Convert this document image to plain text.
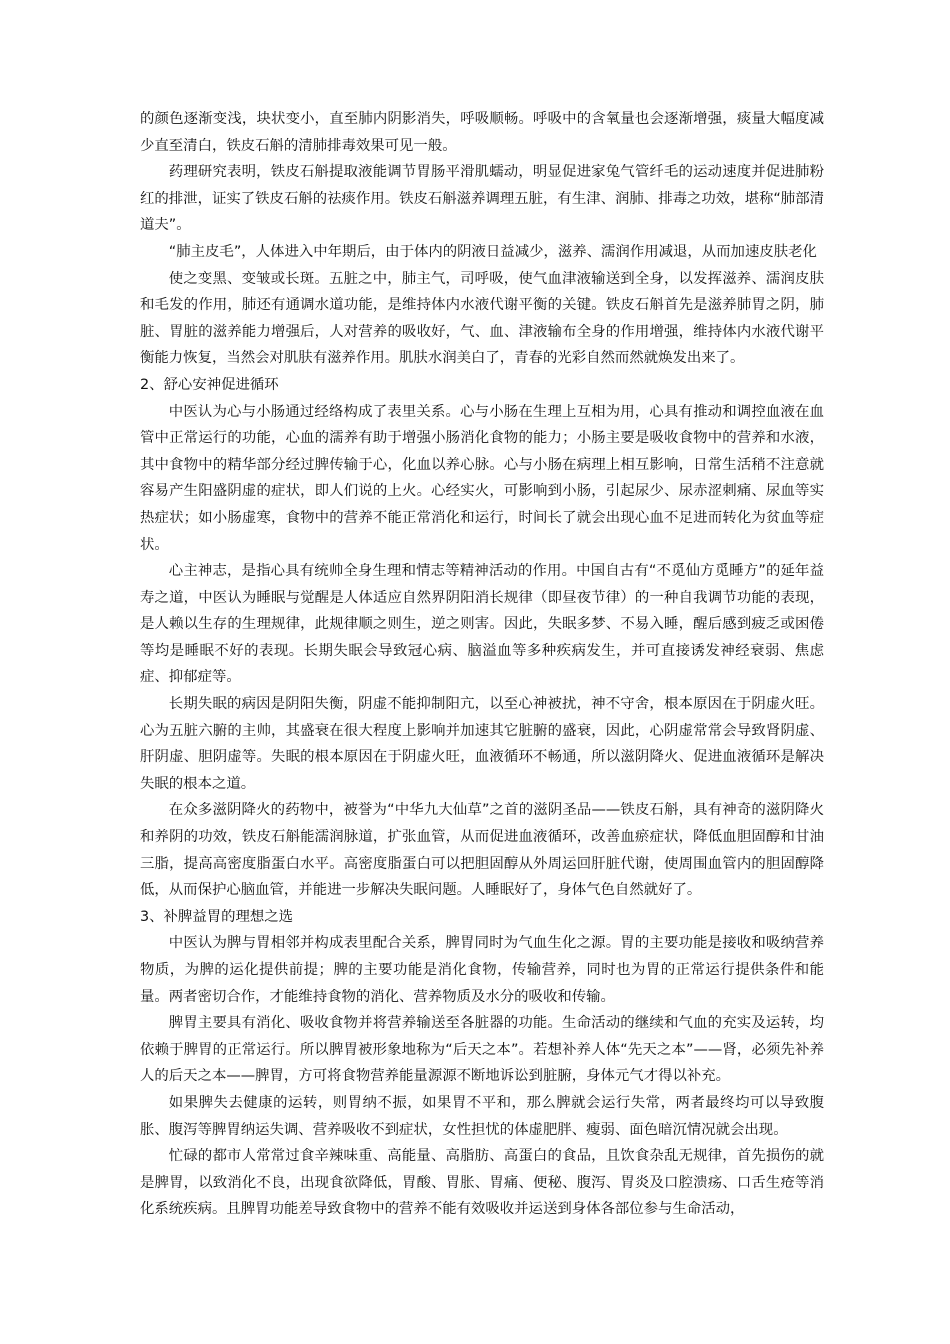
的颜色逐渐变浅，块状变小，直至肺内阴影消失，呼吸顺畅。呼吸中的含氧量也会逐渐增强，痰量大幅度减少直至清白，铁皮石斛的清肺排毒效果可见一般。

药理研究表明，铁皮石斛提取液能调节胃肠平滑肌蠕动，明显促进家兔气管纤毛的运动速度并促进肺粉红的排泄，证实了铁皮石斛的祛痰作用。铁皮石斛滋养调理五脏，有生津、润肺、排毒之功效，堪称“肺部清道夫”。

“肺主皮毛”，人体进入中年期后，由于体内的阴液日益减少，滋养、濡润作用减退，从而加速皮肤老化

使之变黑、变皱或长斑。五脏之中，肺主气，司呼吸，使气血津液输送到全身，以发挥滋养、濡润皮肤和毛发的作用，肺还有通调水道功能，是维持体内水液代谢平衡的关键。铁皮石斛首先是滋养肺胃之阴，肺脏、胃脏的滋养能力增强后，人对营养的吸收好，气、血、津液输布全身的作用增强，维持体内水液代谢平衡能力恢复，当然会对肌肤有滋养作用。肌肤水润美白了，青春的光彩自然而然就焕发出来了。

2、舒心安神促进循环

中医认为心与小肠通过经络构成了表里关系。心与小肠在生理上互相为用，心具有推动和调控血液在血管中正常运行的功能，心血的濡养有助于增强小肠消化食物的能力；小肠主要是吸收食物中的营养和水液，其中食物中的精华部分经过脾传输于心，化血以养心脉。心与小肠在病理上相互影响，日常生活稍不注意就容易产生阳盛阴虚的症状，即人们说的上火。心经实火，可影响到小肠，引起尿少、尿赤涩刺痛、尿血等实热症状；如小肠虚寒，食物中的营养不能正常消化和运行，时间长了就会出现心血不足进而转化为贫血等症状。

心主神志，是指心具有统帅全身生理和情志等精神活动的作用。中国自古有“不觅仙方觅睡方”的延年益寿之道，中医认为睡眠与觉醒是人体适应自然界阴阳消长规律（即昼夜节律）的一种自我调节功能的表现，是人赖以生存的生理规律，此规律顺之则生，逆之则害。因此，失眠多梦、不易入睡，醒后感到疲乏或困倦等均是睡眠不好的表现。长期失眠会导致冠心病、脑溢血等多种疾病发生，并可直接诱发神经衰弱、焦虑症、抑郁症等。

长期失眠的病因是阴阳失衡，阴虚不能抑制阳亢，以至心神被扰，神不守舍，根本原因在于阴虚火旺。心为五脏六腑的主帅，其盛衰在很大程度上影响并加速其它脏腑的盛衰，因此，心阴虚常常会导致肾阴虚、肝阴虚、胆阴虚等。失眠的根本原因在于阴虚火旺，血液循环不畅通，所以滋阴降火、促进血液循环是解决失眠的根本之道。

在众多滋阴降火的药物中，被誉为“中华九大仙草”之首的滋阴圣品——铁皮石斛，具有神奇的滋阴降火和养阴的功效，铁皮石斛能濡润脉道，扩张血管，从而促进血液循环，改善血瘀症状，降低血胆固醇和甘油三脂，提高高密度脂蛋白水平。高密度脂蛋白可以把胆固醇从外周运回肝脏代谢，使周围血管内的胆固醇降低，从而保护心脑血管，并能进一步解决失眠问题。人睡眠好了，身体气色自然就好了。

3、补脾益胃的理想之选

中医认为脾与胃相邻并构成表里配合关系，脾胃同时为气血生化之源。胃的主要功能是接收和吸纳营养物质，为脾的运化提供前提；脾的主要功能是消化食物，传输营养，同时也为胃的正常运行提供条件和能量。两者密切合作，才能维持食物的消化、营养物质及水分的吸收和传输。

脾胃主要具有消化、吸收食物并将营养输送至各脏器的功能。生命活动的继续和气血的充实及运转，均依赖于脾胃的正常运行。所以脾胃被形象地称为“后天之本”。若想补养人体“先天之本”——肾，必须先补养人的后天之本——脾胃，方可将食物营养能量源源不断地诉讼到脏腑，身体元气才得以补充。

如果脾失去健康的运转，则胃纳不振，如果胃不平和，那么脾就会运行失常，两者最终均可以导致腹胀、腹泻等脾胃纳运失调、营养吸收不到症状，女性担忧的体虚肥胖、瘦弱、面色暗沉情况就会出现。

忙碌的都市人常常过食辛辣味重、高能量、高脂肪、高蛋白的食品，且饮食杂乱无规律，首先损伤的就是脾胃，以致消化不良，出现食欲降低，胃酸、胃胀、胃痛、便秘、腹泻、胃炎及口腔溃疡、口舌生疮等消化系统疾病。且脾胃功能差导致食物中的营养不能有效吸收并运送到身体各部位参与生命活动，
